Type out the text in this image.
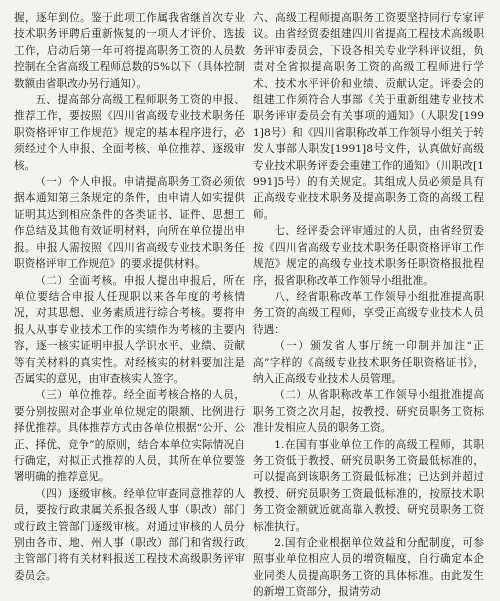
握，逐年到位。鉴于此项工作属我省继首次专业技术职务评聘后重新恢复的一项人才评价、选拔工作，启动后第一年可将提高职务工资的人员数控制在全省高级工程师总数的5%以下（具体控制数额由省职改办另行通知）。

五、提高部分高级工程师职务工资的申报、推荐工作，要按照《四川省高级专业技术职务任职资格评审工作规范》规定的基本程序进行，必须经过个人申报、全面考核、单位推荐、逐级审核。

（一）个人申报。申请提高职务工资必须依据本通知第三条规定的条件，由申请人如实提供证明其达到相应条件的各类证书、证件、思想工作总结及其他有效证明材料，向所在单位提出申报。申报人需按照《四川省高级专业技术职务任职资格评审工作规范》的要求提供材料。

（二）全面考核。申报人提出申报后，所在单位要结合申报人任现职以来各年度的考核情况，对其思想、业务素质进行综合考核。要将申报人从事专业技术工作的实绩作为考核的主要内容，逐一核实证明申报人学识水平、业绩、贡献等有关材料的真实性。对经核实的材料要加注是否属实的意见，由审查核实人签字。

（三）单位推荐。经全面考核合格的人员，要分别按照对企事业单位规定的限额、比例进行择优推荐。具体推荐方式由各单位根据“公开、公正、择优、竞争”的原则，结合本单位实际情况自行确定，对拟正式推荐的人员，其所在单位要签署明确的推荐意见。

（四）逐级审核。经单位审查同意推荐的人员，要按行政隶属关系报各级人事（职改）部门或行政主管部门逐级审核。对通过审核的人员分别由各市、地、州人事（职改）部门和省级行政主管部门将有关材料报送工程技术高级职务评审委员会。

六、高级工程师提高职务工资要坚持同行专家评议。由省经贸委组建四川省提高工程技术高级职务评审委员会，下设各相关专业学科评议组，负责对全省拟提高职务工资的高级工程师进行学术、技术水平评价和业绩、贡献认定。评委会的组建工作须符合人事部《关于重新组建专业技术职务评审委员会有关事项的通知》（人职发[1991]8号）和《四川省职称改革工作领导小组关于转发人事部人职发[1991]8号文件，认真做好高级专业技术职务评委会重建工作的通知》（川职改[1991]5号）的有关规定。其组成人员必须是具有正高级专业技术职务及提高职务工资的高级工程师。

七、经评委会评审通过的人员，由省经贸委按《四川省高级专业技术职务任职资格评审工作规范》规定的高级专业技术职务任职资格报批程序，报省职称改革工作领导小组批准。

八、经省职称改革工作领导小组批准提高职务工资的高级工程师，享受正高级专业技术人员待遇：

（一）颁发省人事厅统一印制并加注“正高”字样的《高级专业技术职务任职资格证书》，纳入正高级专业技术人员管理。

（二）从省职称改革工作领导小组批准提高职务工资之次月起，按教授、研究员职务工资标准计发相应人员的职务工资。

1.在国有事业单位工作的高级工程师，其职务工资低于教授、研究员职务工资最低标准的，可以提高到该职务工资最低标准；已达到并超过教授、研究员职务工资最低标准的，按原技术职务工资金额就近就高靠入教授、研究员职务工资标准执行。

2.国有企业根据单位效益和分配制度，可参照事业单位相应人员的增资幅度，自行确定本企业同类人员提高职务工资的具体标准。由此发生的新增工资部分，报请劳动
